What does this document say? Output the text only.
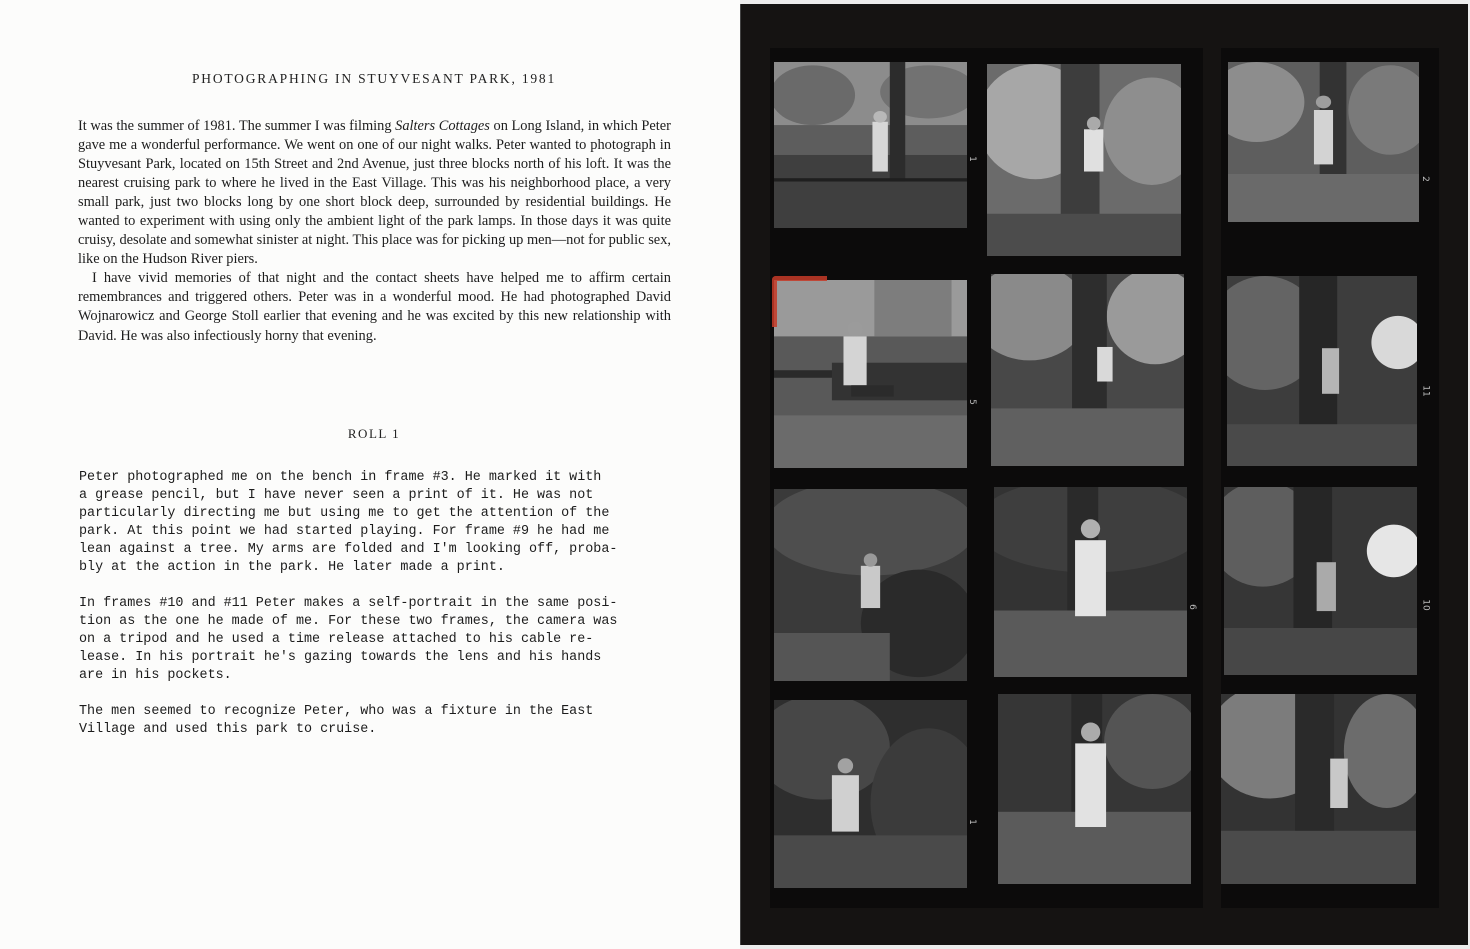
PHOTOGRAPHING IN STUYVESANT PARK, 1981

It was the summer of 1981. The summer I was filming Salters Cottages on Long Island, in which Peter gave me a wonderful performance. We went on one of our night walks. Peter wanted to photograph in Stuyvesant Park, located on 15th Street and 2nd Avenue, just three blocks north of his loft. It was the nearest cruising park to where he lived in the East Village. This was his neighborhood place, a very small park, just two blocks long by one short block deep, surrounded by residential buildings. He wanted to experiment with using only the ambient light of the park lamps. In those days it was quite cruisy, desolate and somewhat sinister at night. This place was for picking up men—not for public sex, like on the Hudson River piers.

I have vivid memories of that night and the contact sheets have helped me to affirm certain remembrances and triggered others. Peter was in a wonderful mood. He had photographed David Wojnarowicz and George Stoll earlier that evening and he was excited by this new relationship with David. He was also infectiously horny that evening.

ROLL 1

Peter photographed me on the bench in frame #3. He marked it with
a grease pencil, but I have never seen a print of it. He was not
particularly directing me but using me to get the attention of the
park. At this point we had started playing. For frame #9 he had me
lean against a tree. My arms are folded and I'm looking off, proba-
bly at the action in the park. He later made a print.

In frames #10 and #11 Peter makes a self-portrait in the same posi-
tion as the one he made of me. For these two frames, the camera was
on a tripod and he used a time release attached to his cable re-
lease. In his portrait he's gazing towards the lens and his hands
are in his pockets.

The men seemed to recognize Peter, who was a fixture in the East
Village and used this park to cruise.

1
2
5
11
6	10
1
